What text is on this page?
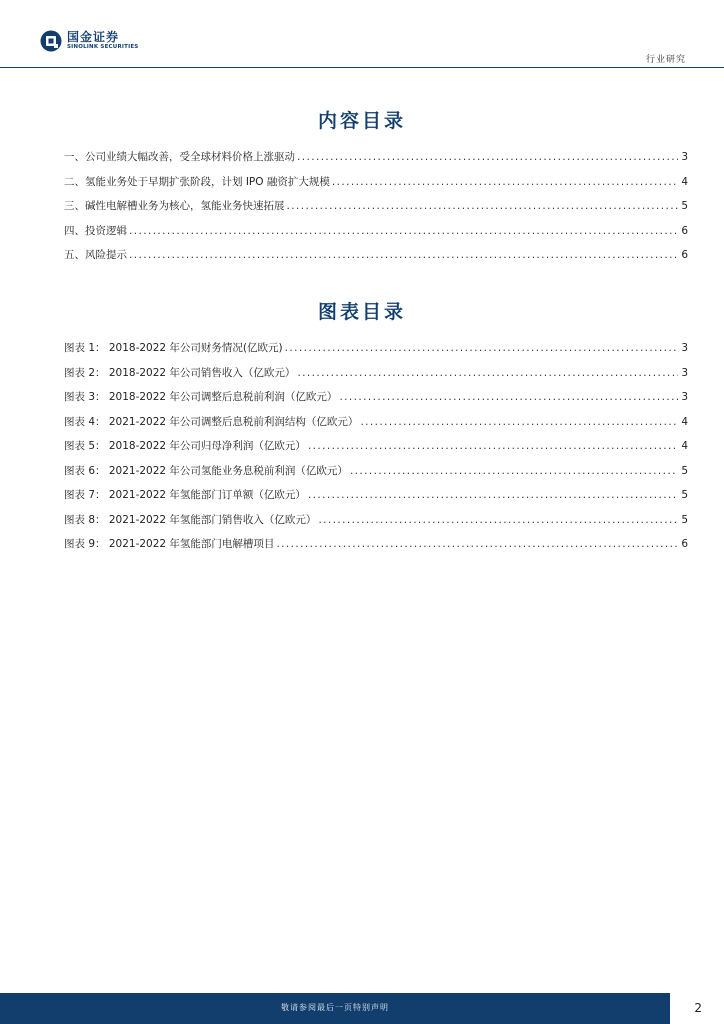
国金证券
SINOLINK SECURITIES
行业研究
内容目录
一、公司业绩大幅改善，受全球材料价格上涨驱动 .....	3
二、氢能业务处于早期扩张阶段，计划 IPO 融资扩大规模 .....	4
三、碱性电解槽业务为核心，氢能业务快速拓展 .....	5
四、投资逻辑 .....	6
五、风险提示 .....	6
图表目录
图表 1： 2018-2022 年公司财务情况(亿欧元) .....	3
图表 2： 2018-2022 年公司销售收入（亿欧元） .....	3
图表 3： 2018-2022 年公司调整后息税前利润（亿欧元） .....	3
图表 4： 2021-2022 年公司调整后息税前利润结构（亿欧元） .....	4
图表 5： 2018-2022 年公司归母净利润（亿欧元） .....	4
图表 6： 2021-2022 年公司氢能业务息税前利润（亿欧元） .....	5
图表 7： 2021-2022 年氢能部门订单额（亿欧元） .....	5
图表 8： 2021-2022 年氢能部门销售收入（亿欧元） .....	5
图表 9： 2021-2022 年氢能部门电解槽项目 .....	6
敬请参阅最后一页特别声明	2
